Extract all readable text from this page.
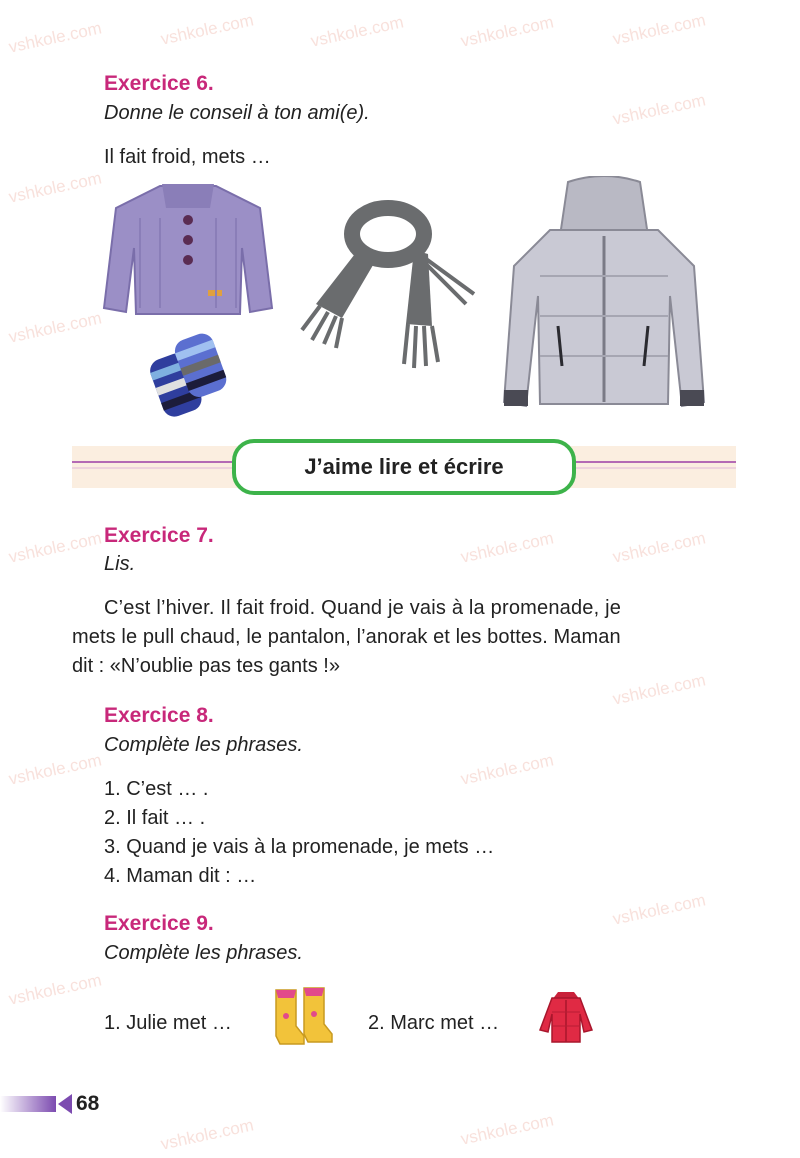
vshkole.com	vshkole.com	vshkole.com	vshkole.com	vshkole.com
vshkole.com
vshkole.com
vshkole.com
vshkole.com	vshkole.com	vshkole.com
vshkole.com
vshkole.com
vshkole.com
vshkole.com
vshkole.com
vshkole.com
vshkole.com
Exercice 6.
Donne le conseil à ton ami(e).
Il fait froid, mets …
J’aime lire et écrire
Exercice 7.
Lis.
C’est l’hiver. Il fait froid. Quand je vais à la promenade, je
mets le pull chaud, le pantalon, l’anorak et les bottes. Maman
dit : «N’oublie pas tes gants !»
Exercice 8.
Complète les phrases.
1. C’est … .
2. Il fait … .
3. Quand je vais à la promenade, je mets …
4. Maman dit : …
Exercice 9.
Complète les phrases.
1. Julie met …	2. Marc met …
68
